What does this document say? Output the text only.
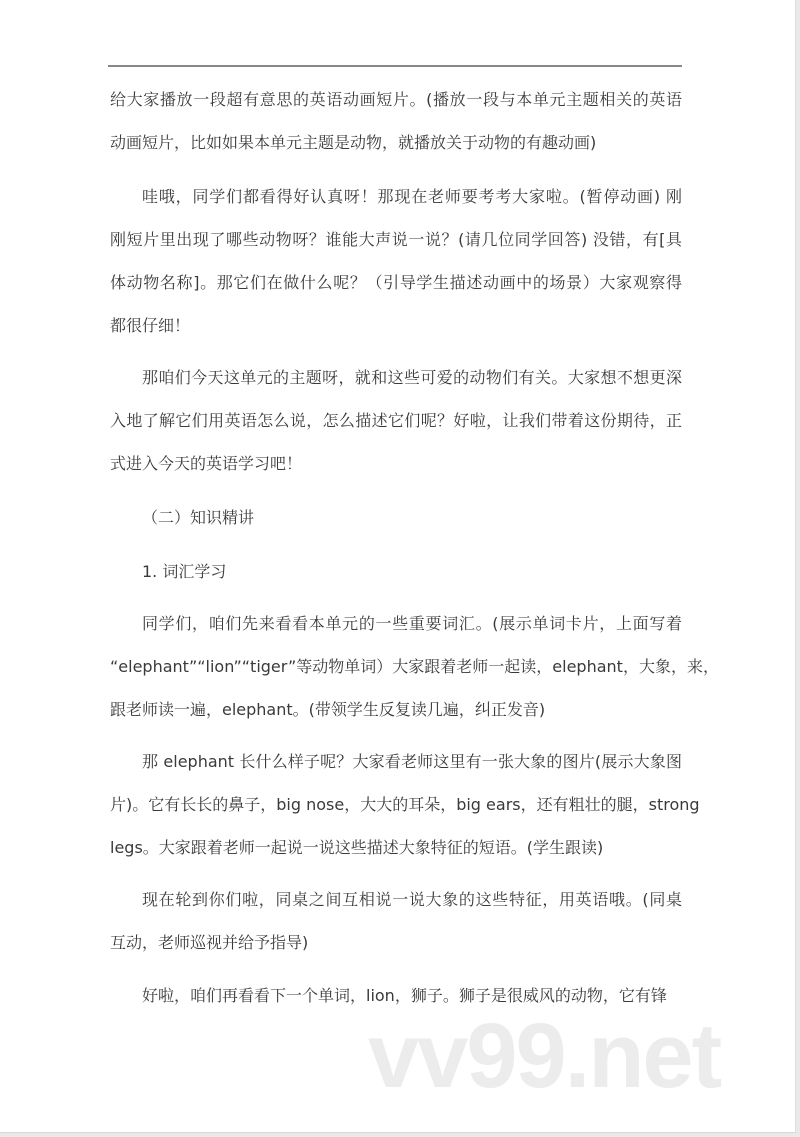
给大家播放一段超有意思的英语动画短片。(播放一段与本单元主题相关的英语
动画短片，比如如果本单元主题是动物，就播放关于动物的有趣动画)
哇哦，同学们都看得好认真呀！那现在老师要考考大家啦。(暂停动画) 刚
刚短片里出现了哪些动物呀？谁能大声说一说？(请几位同学回答) 没错，有[具
体动物名称]。那它们在做什么呢？（引导学生描述动画中的场景）大家观察得
都很仔细！
那咱们今天这单元的主题呀，就和这些可爱的动物们有关。大家想不想更深
入地了解它们用英语怎么说，怎么描述它们呢？好啦，让我们带着这份期待，正
式进入今天的英语学习吧！
（二）知识精讲
1. 词汇学习
同学们，咱们先来看看本单元的一些重要词汇。(展示单词卡片，上面写着
“elephant”“lion”“tiger”等动物单词）大家跟着老师一起读，elephant，大象，来，
跟老师读一遍，elephant。(带领学生反复读几遍，纠正发音)
那 elephant 长什么样子呢？大家看老师这里有一张大象的图片(展示大象图
片)。它有长长的鼻子，big nose，大大的耳朵，big ears，还有粗壮的腿，strong
legs。大家跟着老师一起说一说这些描述大象特征的短语。(学生跟读)
现在轮到你们啦，同桌之间互相说一说大象的这些特征，用英语哦。(同桌
互动，老师巡视并给予指导)
好啦，咱们再看看下一个单词，lion，狮子。狮子是很威风的动物，它有锋
vv99.net
